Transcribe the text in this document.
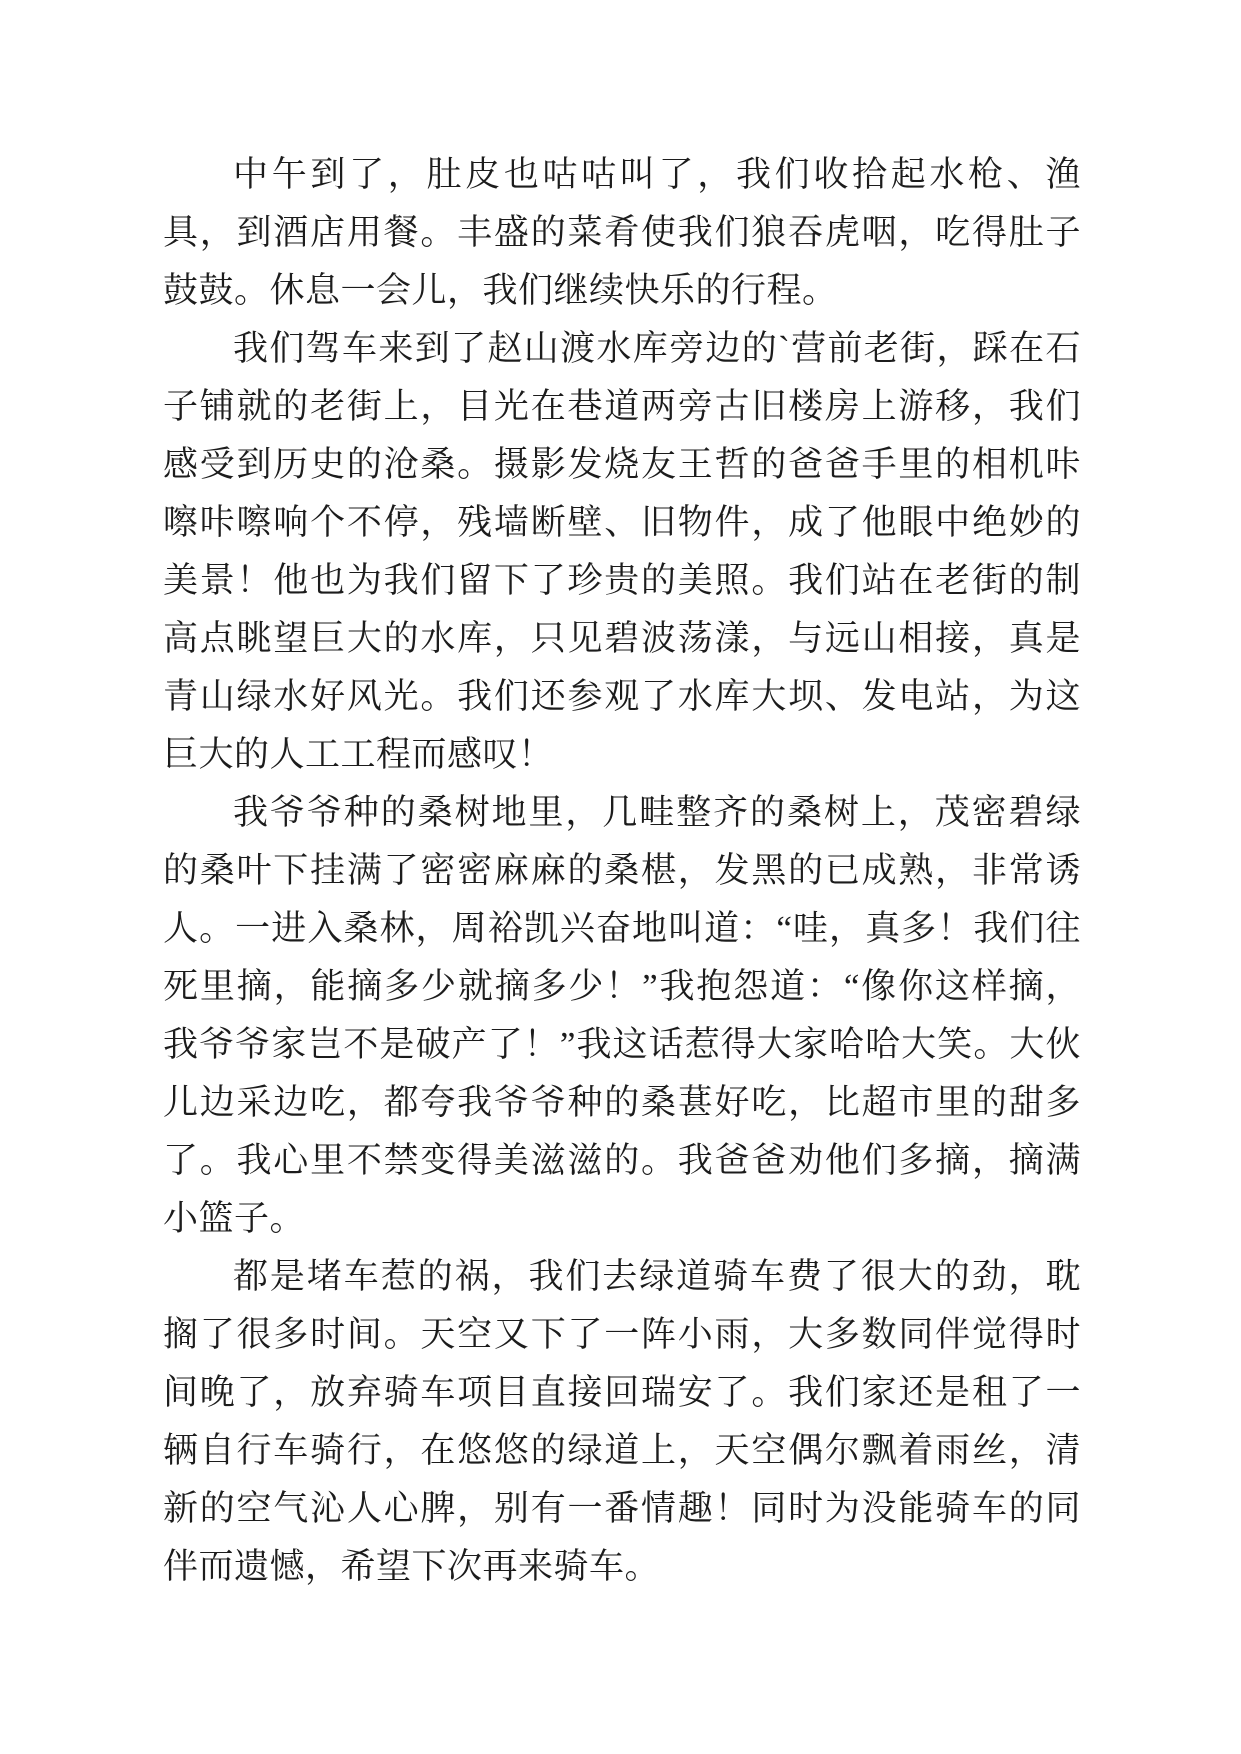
中午到了，肚皮也咕咕叫了，我们收拾起水枪、渔具，到酒店用餐。丰盛的菜肴使我们狼吞虎咽，吃得肚子鼓鼓。休息一会儿，我们继续快乐的行程。

我们驾车来到了赵山渡水库旁边的`营前老街，踩在石子铺就的老街上，目光在巷道两旁古旧楼房上游移，我们感受到历史的沧桑。摄影发烧友王哲的爸爸手里的相机咔嚓咔嚓响个不停，残墙断壁、旧物件，成了他眼中绝妙的美景！他也为我们留下了珍贵的美照。我们站在老街的制高点眺望巨大的水库，只见碧波荡漾，与远山相接，真是青山绿水好风光。我们还参观了水库大坝、发电站，为这巨大的人工工程而感叹！

我爷爷种的桑树地里，几畦整齐的桑树上，茂密碧绿的桑叶下挂满了密密麻麻的桑椹，发黑的已成熟，非常诱人。一进入桑林，周裕凯兴奋地叫道：“哇，真多！我们往死里摘，能摘多少就摘多少！”我抱怨道：“像你这样摘，我爷爷家岂不是破产了！”我这话惹得大家哈哈大笑。大伙儿边采边吃，都夸我爷爷种的桑葚好吃，比超市里的甜多了。我心里不禁变得美滋滋的。我爸爸劝他们多摘，摘满小篮子。

都是堵车惹的祸，我们去绿道骑车费了很大的劲，耽搁了很多时间。天空又下了一阵小雨，大多数同伴觉得时间晚了，放弃骑车项目直接回瑞安了。我们家还是租了一辆自行车骑行，在悠悠的绿道上，天空偶尔飘着雨丝，清新的空气沁人心脾，别有一番情趣！同时为没能骑车的同伴而遗憾，希望下次再来骑车。
